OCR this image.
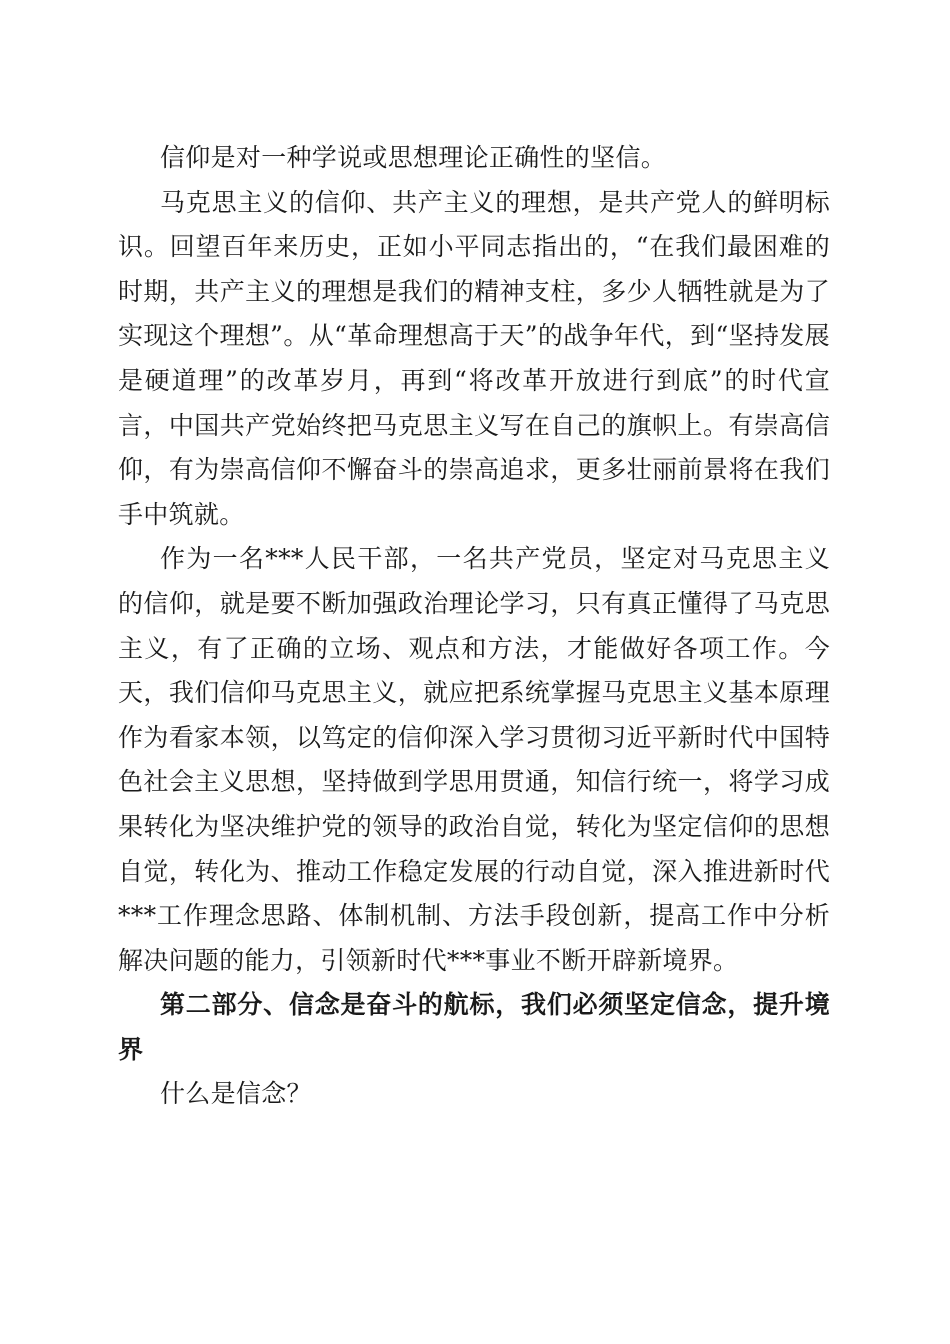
信仰是对一种学说或思想理论正确性的坚信。

马克思主义的信仰、共产主义的理想，是共产党人的鲜明标识。回望百年来历史，正如小平同志指出的，“在我们最困难的时期，共产主义的理想是我们的精神支柱，多少人牺牲就是为了实现这个理想”。从“革命理想高于天”的战争年代，到“坚持发展是硬道理”的改革岁月，再到“将改革开放进行到底”的时代宣言，中国共产党始终把马克思主义写在自己的旗帜上。有崇高信仰，有为崇高信仰不懈奋斗的崇高追求，更多壮丽前景将在我们手中筑就。

作为一名***人民干部，一名共产党员，坚定对马克思主义的信仰，就是要不断加强政治理论学习，只有真正懂得了马克思主义，有了正确的立场、观点和方法，才能做好各项工作。今天，我们信仰马克思主义，就应把系统掌握马克思主义基本原理作为看家本领，以笃定的信仰深入学习贯彻习近平新时代中国特色社会主义思想，坚持做到学思用贯通，知信行统一，将学习成果转化为坚决维护党的领导的政治自觉，转化为坚定信仰的思想自觉，转化为、推动工作稳定发展的行动自觉，深入推进新时代***工作理念思路、体制机制、方法手段创新，提高工作中分析解决问题的能力，引领新时代***事业不断开辟新境界。

第二部分、信念是奋斗的航标，我们必须坚定信念，提升境界

什么是信念？
